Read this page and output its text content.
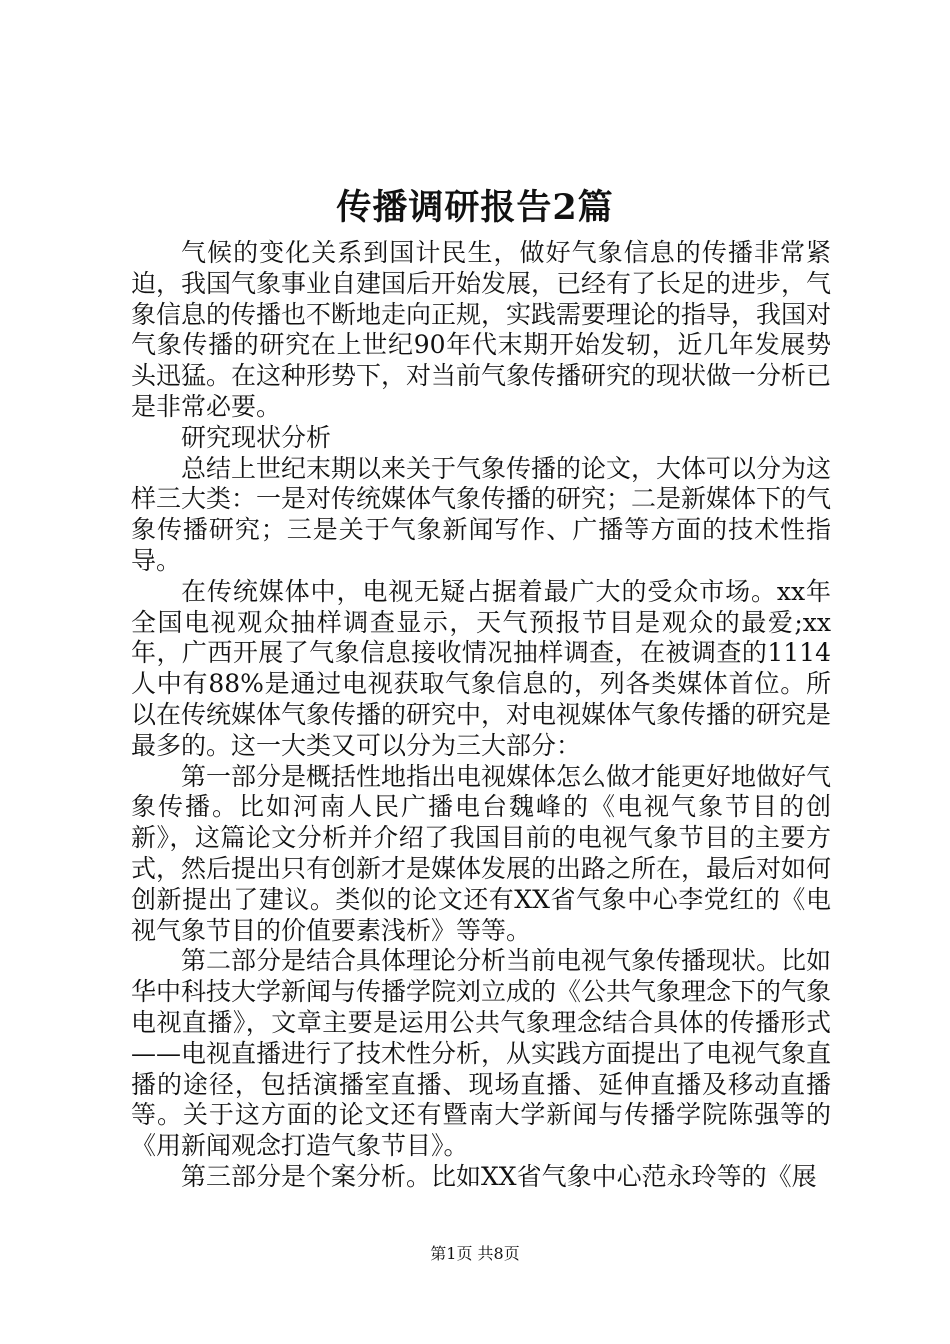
传播调研报告2篇

气候的变化关系到国计民生，做好气象信息的传播非常紧迫，我国气象事业自建国后开始发展，已经有了长足的进步，气象信息的传播也不断地走向正规，实践需要理论的指导，我国对气象传播的研究在上世纪90年代末期开始发轫，近几年发展势头迅猛。在这种形势下，对当前气象传播研究的现状做一分析已是非常必要。

研究现状分析

总结上世纪末期以来关于气象传播的论文，大体可以分为这样三大类：一是对传统媒体气象传播的研究；二是新媒体下的气象传播研究；三是关于气象新闻写作、广播等方面的技术性指导。

在传统媒体中，电视无疑占据着最广大的受众市场。xx年全国电视观众抽样调查显示，天气预报节目是观众的最爱;xx年，广西开展了气象信息接收情况抽样调查，在被调查的1114人中有88%是通过电视获取气象信息的，列各类媒体首位。所以在传统媒体气象传播的研究中，对电视媒体气象传播的研究是最多的。这一大类又可以分为三大部分：

第一部分是概括性地指出电视媒体怎么做才能更好地做好气象传播。比如河南人民广播电台魏峰的《电视气象节目的创新》，这篇论文分析并介绍了我国目前的电视气象节目的主要方式，然后提出只有创新才是媒体发展的出路之所在，最后对如何创新提出了建议。类似的论文还有XX省气象中心李党红的《电视气象节目的价值要素浅析》等等。

第二部分是结合具体理论分析当前电视气象传播现状。比如华中科技大学新闻与传播学院刘立成的《公共气象理念下的气象电视直播》，文章主要是运用公共气象理念结合具体的传播形式——电视直播进行了技术性分析，从实践方面提出了电视气象直播的途径，包括演播室直播、现场直播、延伸直播及移动直播等。关于这方面的论文还有暨南大学新闻与传播学院陈强等的《用新闻观念打造气象节目》。

第三部分是个案分析。比如XX省气象中心范永玲等的《展

第1页 共8页
